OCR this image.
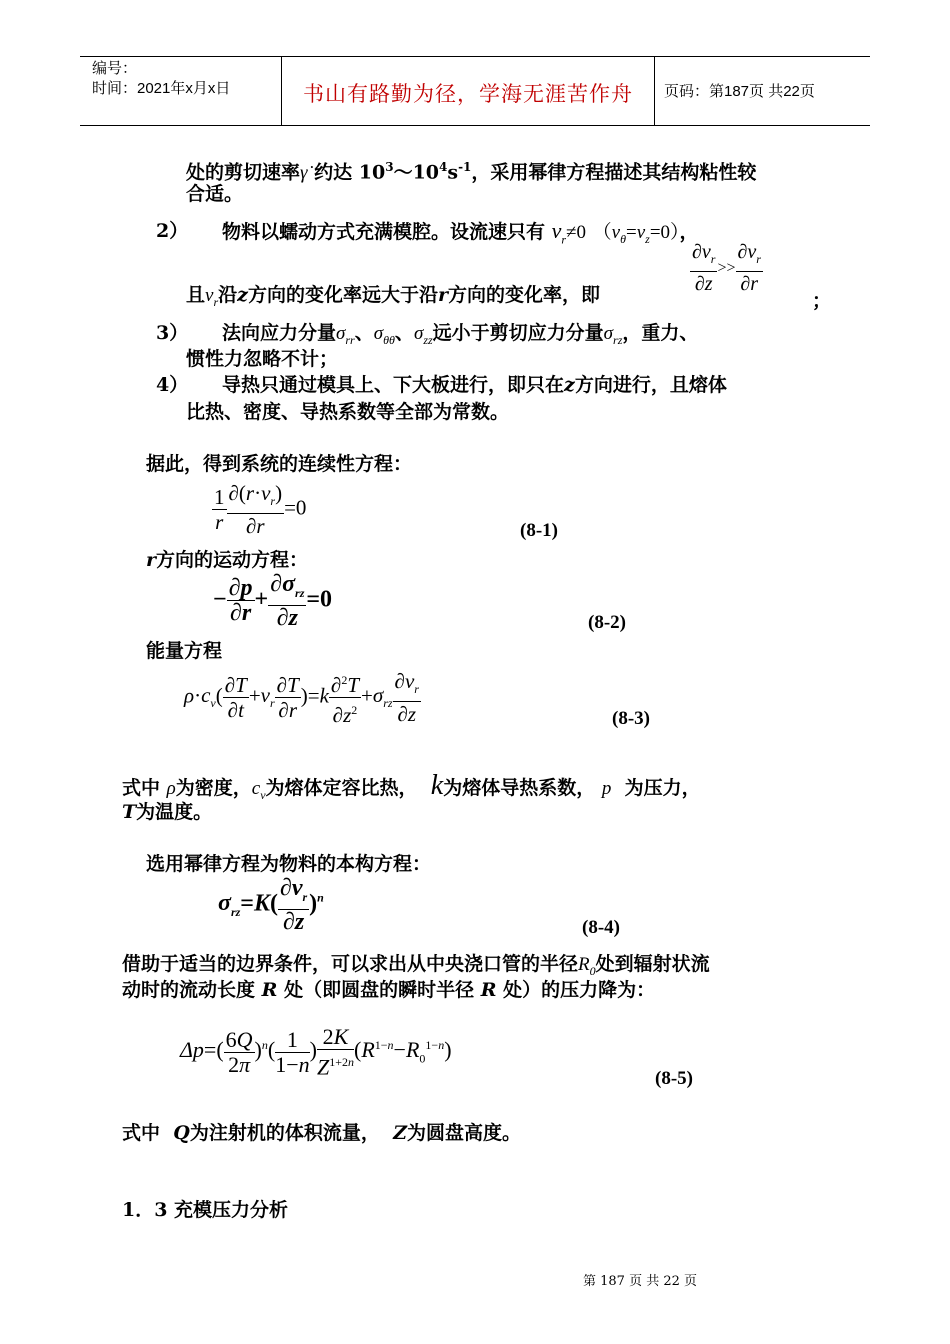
编号：
时间：2021年x月x日	书山有路勤为径，学海无涯苦作舟 页码：第187页 共22页
处的剪切速率γ̇ 约达 $10^3\sim 10^4s^{-1}$，采用幂律方程描述其结构粘性较
合适。
2） 物料以蠕动方式充满模腔。设流速只有 $v_r\ne 0$ $(v_\theta=v_z=0)$，
$\frac{\partial v_r}{\partial z} >> \frac{\partial v_r}{\partial r}$
且$v_r$沿z方向的变化率远大于沿r方向的变化率，即	；
3） 法向应力分量$\sigma_{rr}$、$\sigma_{\theta\theta}$、$\sigma_{zz}$远小于剪切应力分量$\sigma_{rz}$，重力、
惯性力忽略不计；
4） 导热只通过模具上、下大板进行，即只在z方向进行，且熔体
比热、密度、导热系数等全部为常数。
据此，得到系统的连续性方程：
$\frac{1}{r} \frac{\partial(r\cdot v_r)}{\partial r} =0$
(8-1)
r方向的运动方程：
− $\frac{\partial p}{\partial r} + \frac{\partial\sigma_{rz}}{\partial z} =0$
(8-2)
能量方程
$\rho\cdot c_v( \frac{\partial T}{\partial t} +v_r \frac{\partial T}{\partial r} )=k \frac{\partial^2T}{\partial z^2} +\sigma_{rz} \frac{\partial v_r}{\partial z}$	(8-3)
式中 ρ为密度，$c_v$为熔体定容比热， k为熔体导热系数， p 为压力，
T为温度。
选用幂律方程为物料的本构方程：
$\sigma_{rz}=K( \frac{\partial v_r}{\partial z} )^n$
(8-4)
借助于适当的边界条件，可以求出从中央浇口管的半径$R_0$处到辐射状流
动时的流动长度 R 处（即圆盘的瞬时半径 R 处）的压力降为：
$\Delta p=( \frac{6Q}{2\pi} )^n( \frac{1}{1-n}$ ) $\frac{2K}{Z^{1+2n}} (R^{1-n}-R_0^{1-n})$
(8-5)
式中 Q为注射机的体积流量， Z为圆盘高度。
1．3 充模压力分析
第 187 页 共 22 页
